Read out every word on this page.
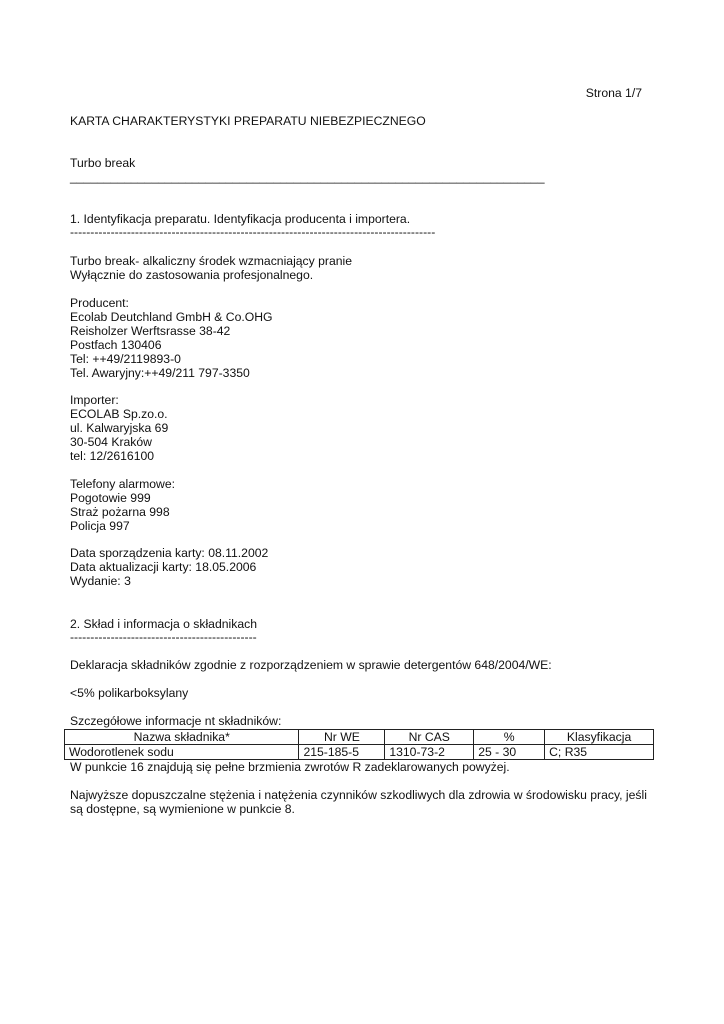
Strona 1/7

KARTA CHARAKTERYSTYKI PREPARATU NIEBEZPIECZNEGO

Turbo break

______________________________________________________________________

1. Identyfikacja preparatu. Identyfikacja producenta i importera.

------------------------------------------------------------------------------------------

Turbo break- alkaliczny środek wzmacniający pranie

Wyłącznie do zastosowania profesjonalnego.

Producent:

Ecolab Deutchland GmbH & Co.OHG

Reisholzer Werftsrasse 38-42

Postfach 130406

Tel: ++49/2119893-0

Tel. Awaryjny:++49/211 797-3350

Importer:

ECOLAB Sp.zo.o.

ul. Kalwaryjska 69

30-504 Kraków

tel: 12/2616100

Telefony alarmowe:

Pogotowie 999

Straż pożarna 998

Policja 997

Data sporządzenia karty: 08.11.2002

Data aktualizacji karty: 18.05.2006

Wydanie: 3

2. Skład i informacja o składnikach

----------------------------------------------

Deklaracja składników zgodnie z rozporządzeniem w sprawie detergentów 648/2004/WE:

<5% polikarboksylany

Szczegółowe informacje nt składników:

Nazwa składnika*	Nr WE	Nr CAS	%	Klasyfikacja
Wodorotlenek sodu	215-185-5	1310-73-2	25 - 30	C; R35

W punkcie 16 znajdują się pełne brzmienia zwrotów R zadeklarowanych powyżej.

Najwyższe dopuszczalne stężenia i natężenia czynników szkodliwych dla zdrowia w środowisku pracy, jeśli

są dostępne, są wymienione w punkcie 8.
